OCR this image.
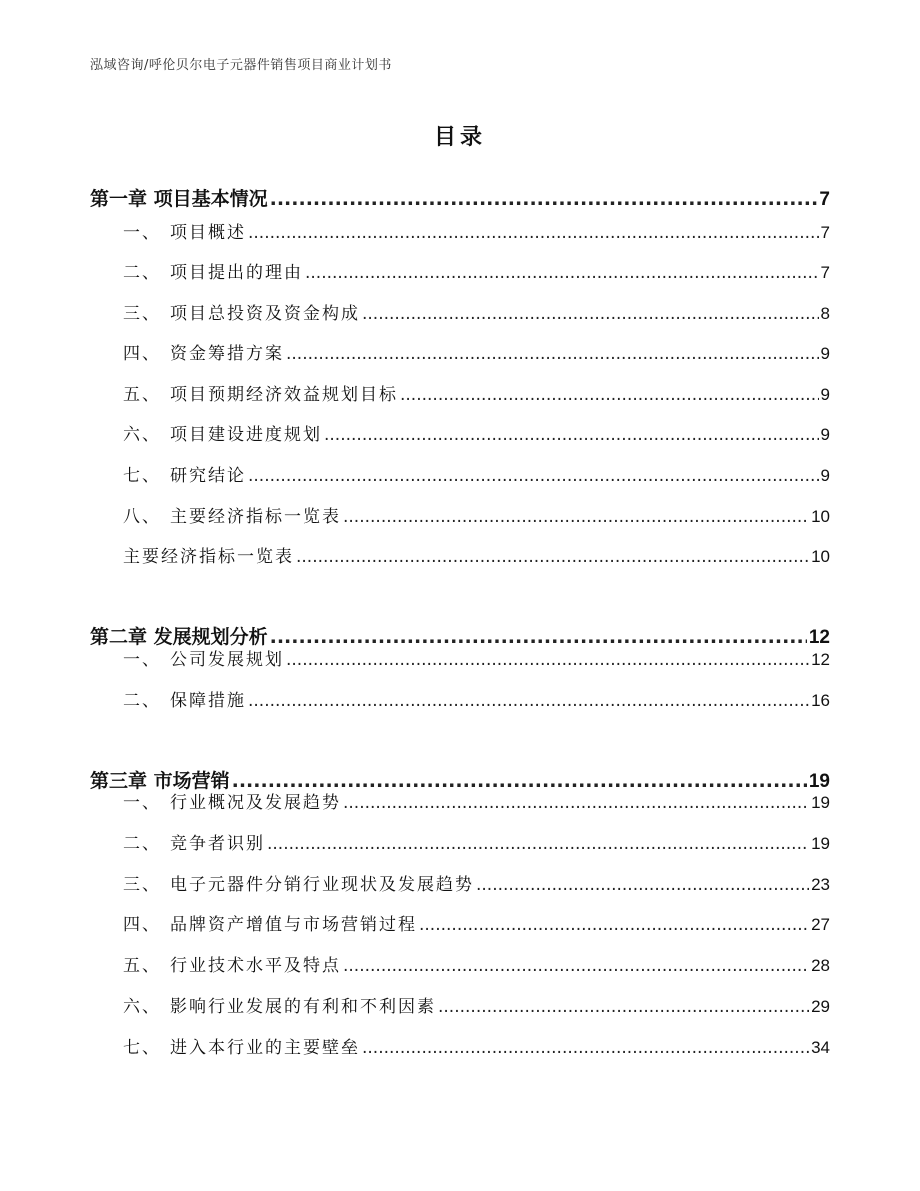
泓域咨询/呼伦贝尔电子元器件销售项目商业计划书
目录
第一章 项目基本情况 .....	7
一、 项目概述 .....	7
二、 项目提出的理由 .....	7
三、 项目总投资及资金构成 .....	8
四、 资金筹措方案 .....	9
五、 项目预期经济效益规划目标 .....	9
六、 项目建设进度规划 .....	9
七、 研究结论 .....	9
八、 主要经济指标一览表 .....	10
主要经济指标一览表 .....	10
第二章 发展规划分析 .....	12
一、 公司发展规划 .....	12
二、 保障措施 .....	16
第三章 市场营销 .....	19
一、 行业概况及发展趋势 .....	19
二、 竞争者识别 .....	19
三、 电子元器件分销行业现状及发展趋势 .....	23
四、 品牌资产增值与市场营销过程 .....	27
五、 行业技术水平及特点 .....	28
六、 影响行业发展的有利和不利因素 .....	29
七、 进入本行业的主要壁垒 .....	34
